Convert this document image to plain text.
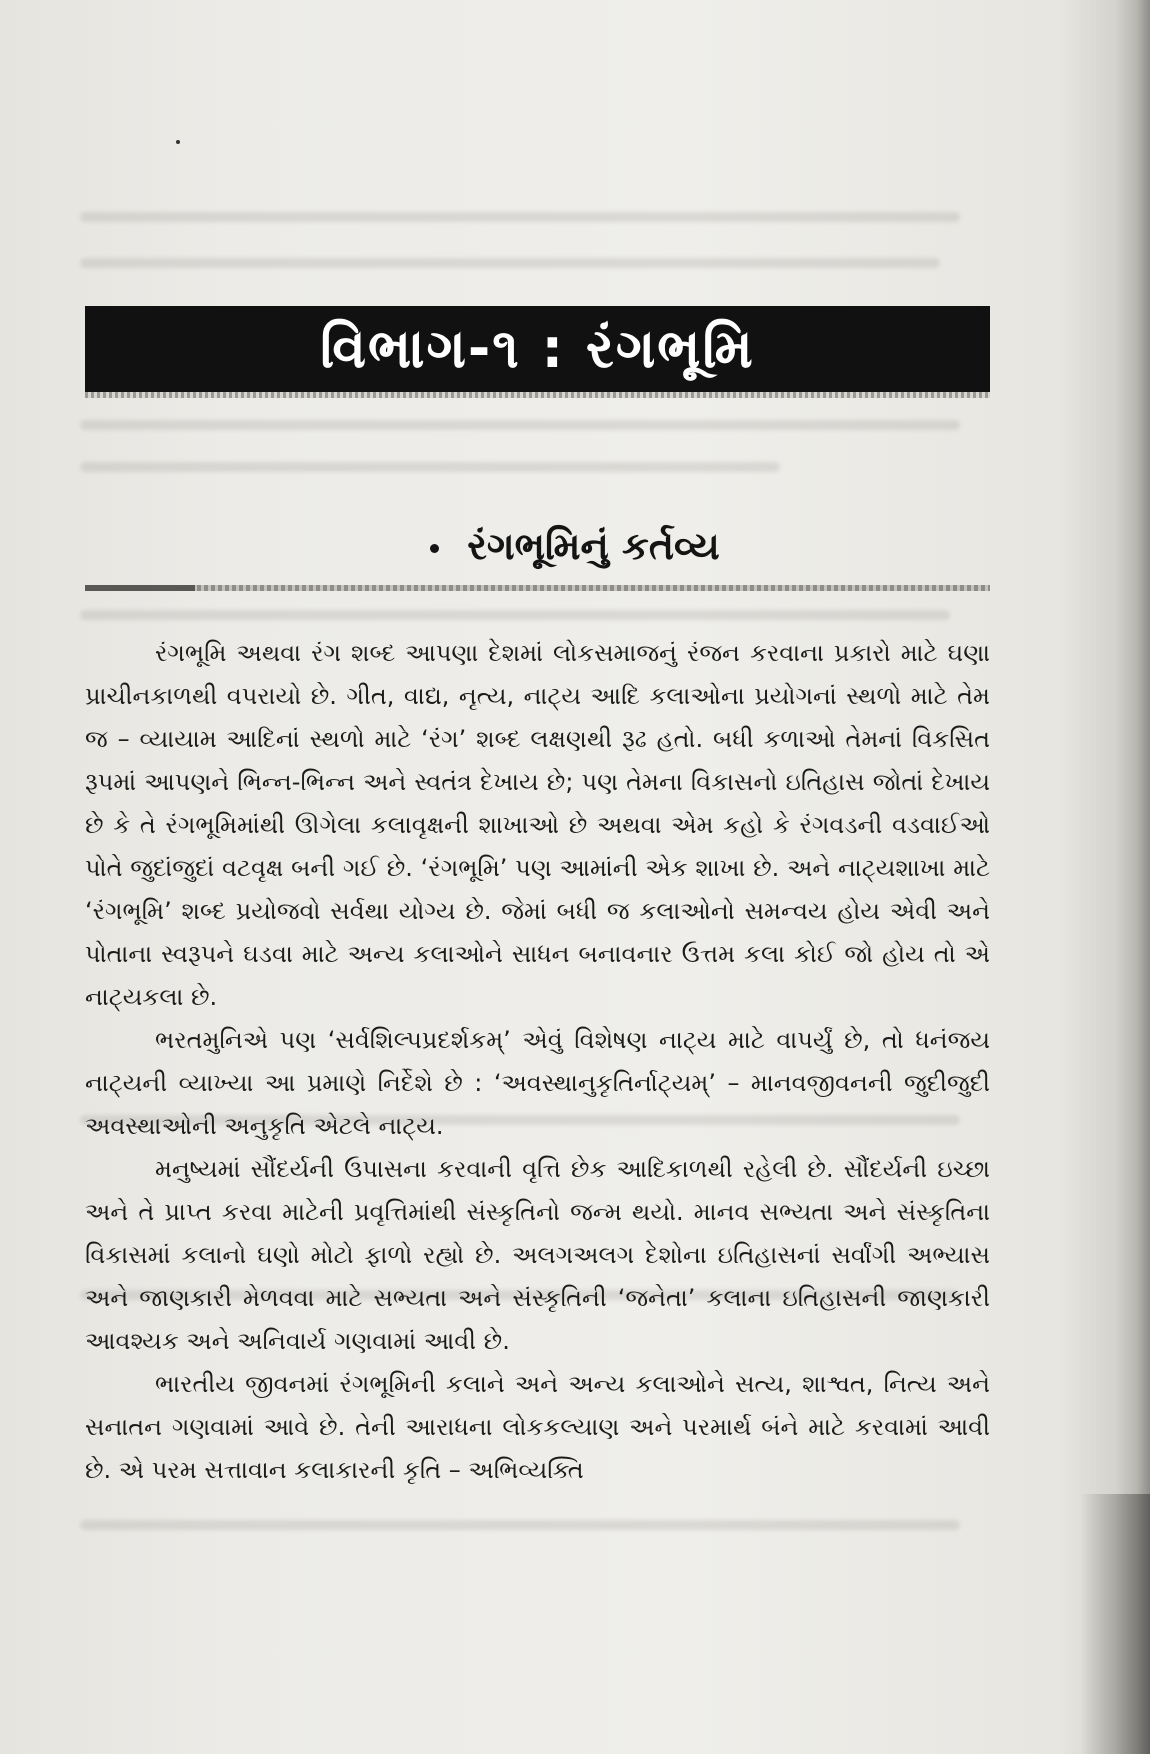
વિભાગ-૧ : રંગભૂમિ
રંગભૂમિનું કર્તવ્ય

રંગભૂમિ અથવા રંગ શબ્દ આપણા દેશમાં લોકસમાજનું રંજન કરવાના પ્રકારો માટે ઘણા પ્રાચીનકાળથી વપરાયો છે. ગીત, વાદ્ય, નૃત્ય, નાટ્ય આદિ કલાઓના પ્રયોગનાં સ્થળો માટે તેમ જ – વ્યાયામ આદિનાં સ્થળો માટે ‘રંગ’ શબ્દ લક્ષણથી રૂઢ હતો. બધી કળાઓ તેમનાં વિકસિત રૂપમાં આપણને ભિન્ન-ભિન્ન અને સ્વતંત્ર દેખાય છે; પણ તેમના વિકાસનો ઇતિહાસ જોતાં દેખાય છે કે તે રંગભૂમિમાંથી ઊગેલા કલાવૃક્ષની શાખાઓ છે અથવા એમ કહો કે રંગવડની વડવાઈઓ પોતે જુદાંજુદાં વટવૃક્ષ બની ગઈ છે. ‘રંગભૂમિ’ પણ આમાંની એક શાખા છે. અને નાટ્યશાખા માટે ‘રંગભૂમિ’ શબ્દ પ્રયોજવો સર્વથા યોગ્ય છે. જેમાં બધી જ કલાઓનો સમન્વય હોય એવી અને પોતાના સ્વરૂપને ઘડવા માટે અન્ય કલાઓને સાધન બનાવનાર ઉત્તમ કલા કોઈ જો હોય તો એ નાટ્યકલા છે.

ભરતમુનિએ પણ ‘સર્વશિલ્પપ્રદર્શકમ્’ એવું વિશેષણ નાટ્ય માટે વાપર્યું છે, તો ધનંજય નાટ્યની વ્યાખ્યા આ પ્રમાણે નિર્દેશે છે : ‘અવસ્થાનુકૃતિર્નાટ્યમ્’ – માનવજીવનની જુદીજુદી અવસ્થાઓની અનુકૃતિ એટલે નાટ્ય.

મનુષ્યમાં સૌંદર્યની ઉપાસના કરવાની વૃત્તિ છેક આદિકાળથી રહેલી છે. સૌંદર્યની ઇચ્છા અને તે પ્રાપ્ત કરવા માટેની પ્રવૃત્તિમાંથી સંસ્કૃતિનો જન્મ થયો. માનવ સભ્યતા અને સંસ્કૃતિના વિકાસમાં કલાનો ઘણો મોટો ફાળો રહ્યો છે. અલગઅલગ દેશોના ઇતિહાસનાં સર્વાંગી અભ્યાસ અને જાણકારી મેળવવા માટે સભ્યતા અને સંસ્કૃતિની ‘જનેતા’ કલાના ઇતિહાસની જાણકારી આવશ્યક અને અનિવાર્ય ગણવામાં આવી છે.

ભારતીય જીવનમાં રંગભૂમિની કલાને અને અન્ય કલાઓને સત્ય, શાશ્વત, નિત્ય અને સનાતન ગણવામાં આવે છે. તેની આરાધના લોકકલ્યાણ અને પરમાર્થ બંને માટે કરવામાં આવી છે. એ પરમ સત્તાવાન કલાકારની કૃતિ – અભિવ્યક્તિ
